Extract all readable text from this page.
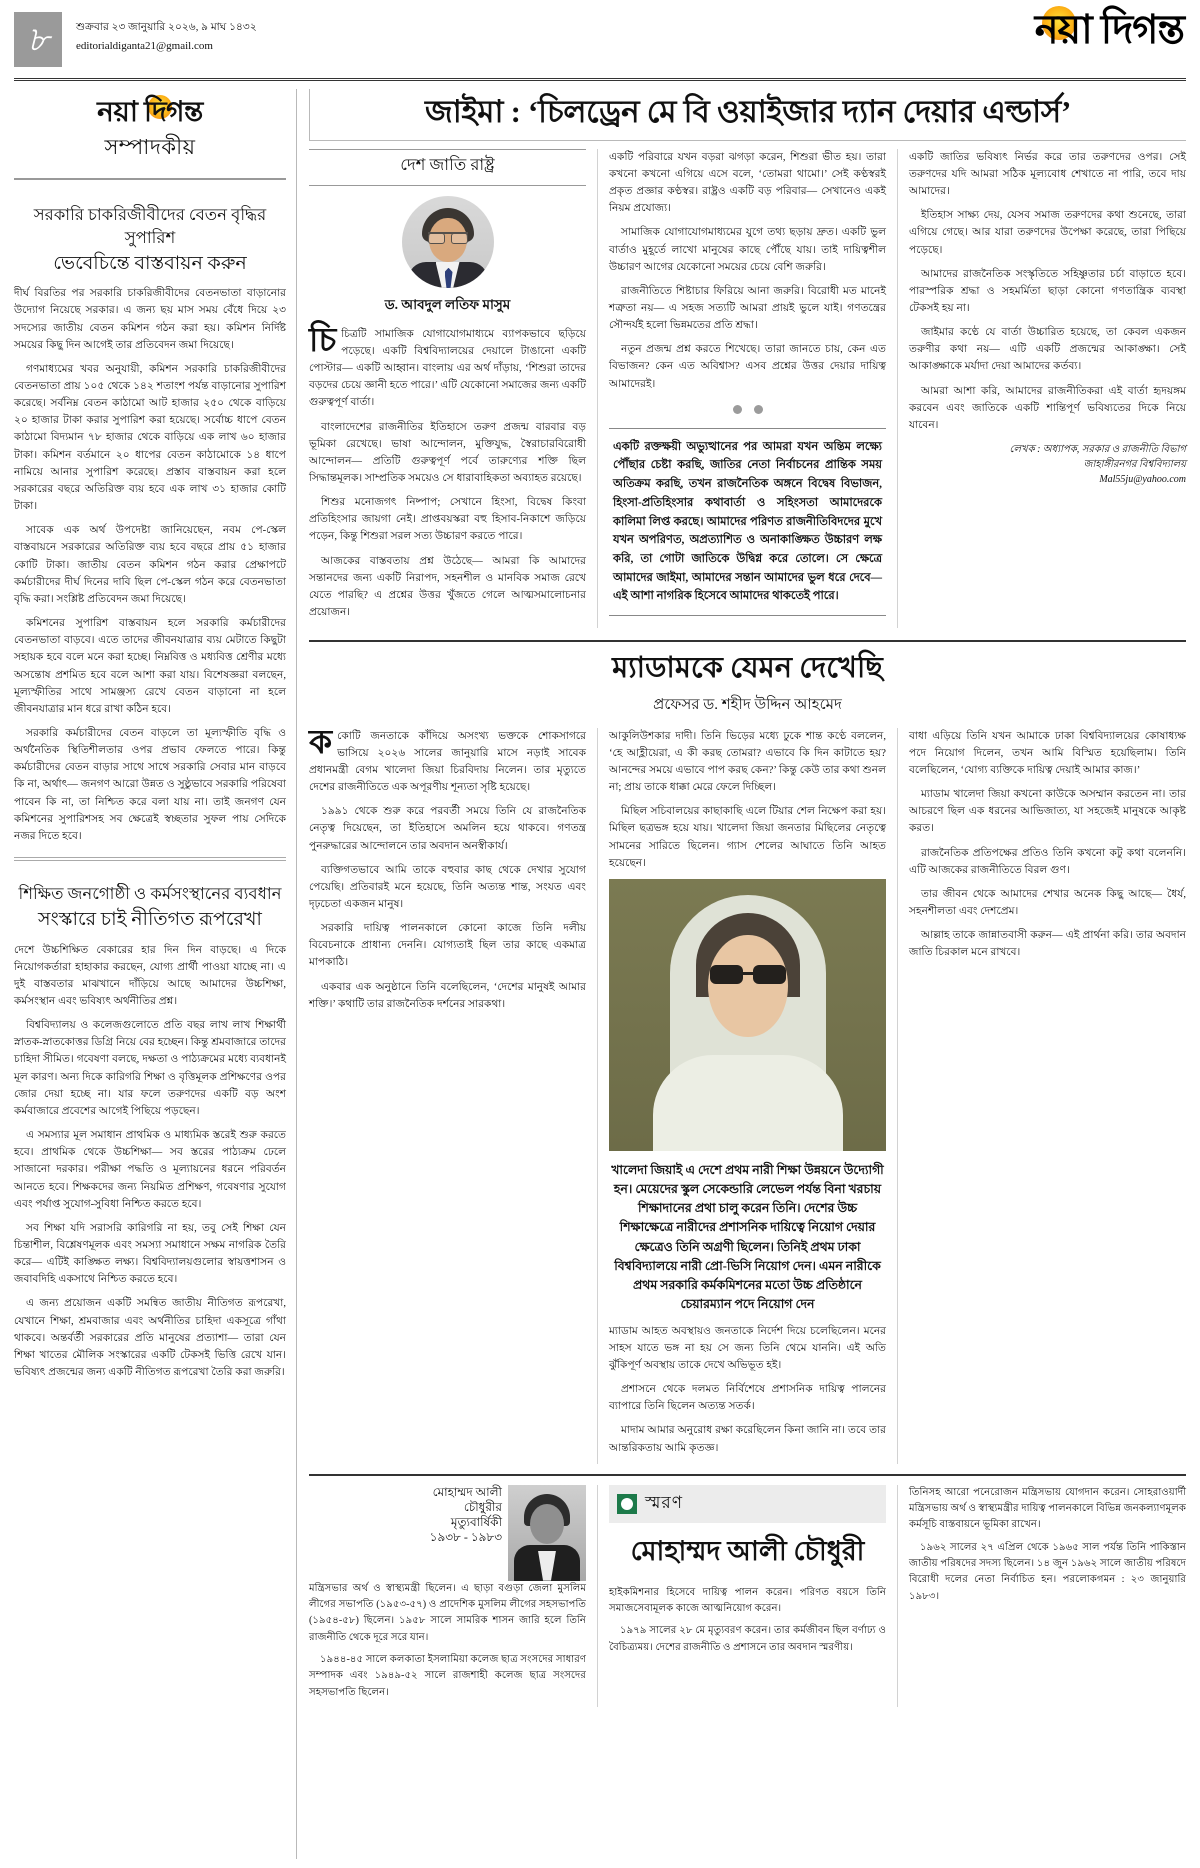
৮	শুক্রবার ২৩ জানুয়ারি ২০২৬, ৯ মাঘ ১৪৩২
editorialdiganta21@gmail.com	নয়া দিগন্ত
নয়া দিগন্ত
সম্পাদকীয়
সরকারি চাকরিজীবীদের বেতন বৃদ্ধির সুপারিশ
ভেবেচিন্তে বাস্তবায়ন করুন

দীর্ঘ বিরতির পর সরকারি চাকরিজীবীদের বেতনভাতা বাড়ানোর উদ্যোগ নিয়েছে সরকার। এ জন্য ছয় মাস সময় বেঁধে দিয়ে ২৩ সদস্যের জাতীয় বেতন কমিশন গঠন করা হয়। কমিশন নির্দিষ্ট সময়ের কিছু দিন আগেই তার প্রতিবেদন জমা দিয়েছে।

গণমাধ্যমের খবর অনুযায়ী, কমিশন সরকারি চাকরিজীবীদের বেতনভাতা প্রায় ১০৫ থেকে ১৪২ শতাংশ পর্যন্ত বাড়ানোর সুপারিশ করেছে। সর্বনিম্ন বেতন কাঠামো আট হাজার ২৫০ থেকে বাড়িয়ে ২০ হাজার টাকা করার সুপারিশ করা হয়েছে। সর্বোচ্চ ধাপে বেতন কাঠামো বিদ্যমান ৭৮ হাজার থেকে বাড়িয়ে এক লাখ ৬০ হাজার টাকা। কমিশন বর্তমানে ২০ ধাপের বেতন কাঠামোকে ১৪ ধাপে নামিয়ে আনার সুপারিশ করেছে। প্রস্তাব বাস্তবায়ন করা হলে সরকারের বছরে অতিরিক্ত ব্যয় হবে এক লাখ ৩১ হাজার কোটি টাকা।

সাবেক এক অর্থ উপদেষ্টা জানিয়েছেন, নবম পে-স্কেল বাস্তবায়নে সরকারের অতিরিক্ত ব্যয় হবে বছরে প্রায় ৫১ হাজার কোটি টাকা। জাতীয় বেতন কমিশন গঠন করার প্রেক্ষাপটে কর্মচারীদের দীর্ঘ দিনের দাবি ছিল পে-স্কেল গঠন করে বেতনভাতা বৃদ্ধি করা। সংশ্লিষ্ট প্রতিবেদন জমা দিয়েছে।

কমিশনের সুপারিশ বাস্তবায়ন হলে সরকারি কর্মচারীদের বেতনভাতা বাড়বে। এতে তাদের জীবনযাত্রার ব্যয় মেটাতে কিছুটা সহায়ক হবে বলে মনে করা হচ্ছে। নিম্নবিত্ত ও মধ্যবিত্ত শ্রেণীর মধ্যে অসন্তোষ প্রশমিত হবে বলে আশা করা যায়। বিশেষজ্ঞরা বলছেন, মূল্যস্ফীতির সাথে সামঞ্জস্য রেখে বেতন বাড়ানো না হলে জীবনযাত্রার মান ধরে রাখা কঠিন হবে।

সরকারি কর্মচারীদের বেতন বাড়লে তা মূল্যস্ফীতি বৃদ্ধি ও অর্থনৈতিক স্থিতিশীলতার ওপর প্রভাব ফেলতে পারে। কিন্তু কর্মচারীদের বেতন বাড়ার সাথে সাথে সরকারি সেবার মান বাড়বে কি না, অর্থাৎ— জনগণ আরো উন্নত ও সুষ্ঠুভাবে সরকারি পরিষেবা পাবেন কি না, তা নিশ্চিত করে বলা যায় না। তাই জনগণ যেন কমিশনের সুপারিশসহ সব ক্ষেত্রেই স্বচ্ছতার সুফল পায় সেদিকে নজর দিতে হবে।

শিক্ষিত জনগোষ্ঠী ও কর্মসংস্থানের ব্যবধান
সংস্কারে চাই নীতিগত রূপরেখা

দেশে উচ্চশিক্ষিত বেকারের হার দিন দিন বাড়ছে। এ দিকে নিয়োগকর্তারা হাহাকার করছেন, যোগ্য প্রার্থী পাওয়া যাচ্ছে না। এ দুই বাস্তবতার মাঝখানে দাঁড়িয়ে আছে আমাদের উচ্চশিক্ষা, কর্মসংস্থান এবং ভবিষ্যৎ অর্থনীতির প্রশ্ন।

বিশ্ববিদ্যালয় ও কলেজগুলোতে প্রতি বছর লাখ লাখ শিক্ষার্থী স্নাতক-স্নাতকোত্তর ডিগ্রি নিয়ে বের হচ্ছেন। কিন্তু শ্রমবাজারে তাদের চাহিদা সীমিত। গবেষণা বলছে, দক্ষতা ও পাঠ্যক্রমের মধ্যে ব্যবধানই মূল কারণ। অন্য দিকে কারিগরি শিক্ষা ও বৃত্তিমূলক প্রশিক্ষণের ওপর জোর দেয়া হচ্ছে না। যার ফলে তরুণদের একটি বড় অংশ কর্মবাজারে প্রবেশের আগেই পিছিয়ে পড়ছেন।

এ সমস্যার মূল সমাধান প্রাথমিক ও মাধ্যমিক স্তরেই শুরু করতে হবে। প্রাথমিক থেকে উচ্চশিক্ষা— সব স্তরের পাঠ্যক্রম ঢেলে সাজানো দরকার। পরীক্ষা পদ্ধতি ও মূল্যায়নের ধরনে পরিবর্তন আনতে হবে। শিক্ষকদের জন্য নিয়মিত প্রশিক্ষণ, গবেষণার সুযোগ এবং পর্যাপ্ত সুযোগ-সুবিধা নিশ্চিত করতে হবে।

সব শিক্ষা যদি সরাসরি কারিগরি না হয়, তবু সেই শিক্ষা যেন চিন্তাশীল, বিশ্লেষণমূলক এবং সমস্যা সমাধানে সক্ষম নাগরিক তৈরি করে— এটিই কাঙ্ক্ষিত লক্ষ্য। বিশ্ববিদ্যালয়গুলোর স্বায়ত্তশাসন ও জবাবদিহি একসাথে নিশ্চিত করতে হবে।

এ জন্য প্রয়োজন একটি সমন্বিত জাতীয় নীতিগত রূপরেখা, যেখানে শিক্ষা, শ্রমবাজার এবং অর্থনীতির চাহিদা একসূত্রে গাঁথা থাকবে। অন্তর্বর্তী সরকারের প্রতি মানুষের প্রত্যাশা— তারা যেন শিক্ষা খাতের মৌলিক সংস্কারের একটি টেকসই ভিত্তি রেখে যান। ভবিষ্যৎ প্রজন্মের জন্য একটি নীতিগত রূপরেখা তৈরি করা জরুরি।

জাইমা : ‘চিলড্রেন মে বি ওয়াইজার দ্যান দেয়ার এল্ডার্স’
দেশ জাতি রাষ্ট্র
ড. আবদুল লতিফ মাসুম

চিচিত্রটি সামাজিক যোগাযোগমাধ্যমে ব্যাপকভাবে ছড়িয়ে পড়েছে। একটি বিশ্ববিদ্যালয়ের দেয়ালে টাঙানো একটি পোস্টার— একটি আহ্বান। বাংলায় এর অর্থ দাঁড়ায়, ‘শিশুরা তাদের বড়দের চেয়ে জ্ঞানী হতে পারে।’ এটি যেকোনো সমাজের জন্য একটি গুরুত্বপূর্ণ বার্তা।

বাংলাদেশের রাজনীতির ইতিহাসে তরুণ প্রজন্ম বারবার বড় ভূমিকা রেখেছে। ভাষা আন্দোলন, মুক্তিযুদ্ধ, স্বৈরাচারবিরোধী আন্দোলন— প্রতিটি গুরুত্বপূর্ণ পর্বে তারুণ্যের শক্তি ছিল সিদ্ধান্তমূলক। সাম্প্রতিক সময়েও সে ধারাবাহিকতা অব্যাহত রয়েছে।

শিশুর মনোজগৎ নিষ্পাপ; সেখানে হিংসা, বিদ্বেষ কিংবা প্রতিহিংসার জায়গা নেই। প্রাপ্তবয়স্করা বহু হিসাব-নিকাশে জড়িয়ে পড়েন, কিন্তু শিশুরা সরল সত্য উচ্চারণ করতে পারে।

আজকের বাস্তবতায় প্রশ্ন উঠেছে— আমরা কি আমাদের সন্তানদের জন্য একটি নিরাপদ, সহনশীল ও মানবিক সমাজ রেখে যেতে পারছি? এ প্রশ্নের উত্তর খুঁজতে গেলে আত্মসমালোচনার প্রয়োজন।

একটি পরিবারে যখন বড়রা ঝগড়া করেন, শিশুরা ভীত হয়। তারা কখনো কখনো এগিয়ে এসে বলে, ‘তোমরা থামো।’ সেই কণ্ঠস্বরই প্রকৃত প্রজ্ঞার কণ্ঠস্বর। রাষ্ট্রও একটি বড় পরিবার— সেখানেও একই নিয়ম প্রযোজ্য।

সামাজিক যোগাযোগমাধ্যমের যুগে তথ্য ছড়ায় দ্রুত। একটি ভুল বার্তাও মুহূর্তে লাখো মানুষের কাছে পৌঁছে যায়। তাই দায়িত্বশীল উচ্চারণ আগের যেকোনো সময়ের চেয়ে বেশি জরুরি।

রাজনীতিতে শিষ্টাচার ফিরিয়ে আনা জরুরি। বিরোধী মত মানেই শত্রুতা নয়— এ সহজ সত্যটি আমরা প্রায়ই ভুলে যাই। গণতন্ত্রের সৌন্দর্যই হলো ভিন্নমতের প্রতি শ্রদ্ধা।

নতুন প্রজন্ম প্রশ্ন করতে শিখেছে। তারা জানতে চায়, কেন এত বিভাজন? কেন এত অবিশ্বাস? এসব প্রশ্নের উত্তর দেয়ার দায়িত্ব আমাদেরই।

একটি রক্তক্ষয়ী অভ্যুত্থানের পর আমরা যখন অন্তিম লক্ষ্যে পৌঁছার চেষ্টা করছি, জাতির নেতা নির্বাচনের প্রান্তিক সময় অতিক্রম করছি, তখন রাজনৈতিক অঙ্গনে বিদ্বেষ বিভাজন, হিংসা-প্রতিহিংসার কথাবার্তা ও সহিংসতা আমাদেরকে কালিমা লিপ্ত করছে। আমাদের পরিণত রাজনীতিবিদদের মুখে যখন অপরিণত, অপ্রত্যাশিত ও অনাকাঙ্ক্ষিত উচ্চারণ লক্ষ করি, তা গোটা জাতিকে উদ্বিগ্ন করে তোলে। সে ক্ষেত্রে আমাদের জাইমা, আমাদের সন্তান আমাদের ভুল ধরে দেবে— এই আশা নাগরিক হিসেবে আমাদের থাকতেই পারে।

একটি জাতির ভবিষ্যৎ নির্ভর করে তার তরুণদের ওপর। সেই তরুণদের যদি আমরা সঠিক মূল্যবোধ শেখাতে না পারি, তবে দায় আমাদের।

ইতিহাস সাক্ষ্য দেয়, যেসব সমাজ তরুণদের কথা শুনেছে, তারা এগিয়ে গেছে। আর যারা তরুণদের উপেক্ষা করেছে, তারা পিছিয়ে পড়েছে।

আমাদের রাজনৈতিক সংস্কৃতিতে সহিষ্ণুতার চর্চা বাড়াতে হবে। পারস্পরিক শ্রদ্ধা ও সহমর্মিতা ছাড়া কোনো গণতান্ত্রিক ব্যবস্থা টেকসই হয় না।

জাইমার কণ্ঠে যে বার্তা উচ্চারিত হয়েছে, তা কেবল একজন তরুণীর কথা নয়— এটি একটি প্রজন্মের আকাঙ্ক্ষা। সেই আকাঙ্ক্ষাকে মর্যাদা দেয়া আমাদের কর্তব্য।

আমরা আশা করি, আমাদের রাজনীতিকরা এই বার্তা হৃদয়ঙ্গম করবেন এবং জাতিকে একটি শান্তিপূর্ণ ভবিষ্যতের দিকে নিয়ে যাবেন।

লেখক : অধ্যাপক, সরকার ও রাজনীতি বিভাগ
জাহাঙ্গীরনগর বিশ্ববিদ্যালয়
Mal55ju@yahoo.com
ম্যাডামকে যেমন দেখেছি
প্রফেসর ড. শহীদ উদ্দিন আহমেদ

ককোটি জনতাকে কাঁদিয়ে অসংখ্য ভক্তকে শোকসাগরে ভাসিয়ে ২০২৬ সালের জানুয়ারি মাসে নড়াই সাবেক প্রধানমন্ত্রী বেগম খালেদা জিয়া চিরবিদায় নিলেন। তার মৃত্যুতে দেশের রাজনীতিতে এক অপূরণীয় শূন্যতা সৃষ্টি হয়েছে।

১৯৯১ থেকে শুরু করে পরবর্তী সময়ে তিনি যে রাজনৈতিক নেতৃত্ব দিয়েছেন, তা ইতিহাসে অমলিন হয়ে থাকবে। গণতন্ত্র পুনরুদ্ধারের আন্দোলনে তার অবদান অনস্বীকার্য।

ব্যক্তিগতভাবে আমি তাকে বহুবার কাছ থেকে দেখার সুযোগ পেয়েছি। প্রতিবারই মনে হয়েছে, তিনি অত্যন্ত শান্ত, সংযত এবং দৃঢ়চেতা একজন মানুষ।

সরকারি দায়িত্ব পালনকালে কোনো কাজে তিনি দলীয় বিবেচনাকে প্রাধান্য দেননি। যোগ্যতাই ছিল তার কাছে একমাত্র মাপকাঠি।

একবার এক অনুষ্ঠানে তিনি বলেছিলেন, ‘দেশের মানুষই আমার শক্তি।’ কথাটি তার রাজনৈতিক দর্শনের সারকথা।

আকুলিউশকার দাদী। তিনি ভিড়ের মধ্যে ঢুকে শান্ত কণ্ঠে বললেন, ‘হে আহ্লীয়েরা, এ কী করছ তোমরা? এভাবে কি দিন কাটাতে হয়? আনন্দের সময়ে এভাবে পাপ করছ কেন?’ কিন্তু কেউ তার কথা শুনল না; প্রায় তাকে ধাক্কা মেরে ফেলে দিচ্ছিল।

মিছিল সচিবালয়ের কাছাকাছি এলে টিয়ার শেল নিক্ষেপ করা হয়। মিছিল ছত্রভঙ্গ হয়ে যায়। খালেদা জিয়া জনতার মিছিলের নেতৃত্বে সামনের সারিতে ছিলেন। গ্যাস শেলের আঘাতে তিনি আহত হয়েছেন।

খালেদা জিয়াই এ দেশে প্রথম নারী শিক্ষা উন্নয়নে উদ্যোগী হন। মেয়েদের স্কুল সেকেন্ডারি লেভেল পর্যন্ত বিনা খরচায় শিক্ষাদানের প্রথা চালু করেন তিনি। দেশের উচ্চ শিক্ষাক্ষেত্রে নারীদের প্রশাসনিক দায়িত্বে নিয়োগ দেয়ার ক্ষেত্রেও তিনি অগ্রণী ছিলেন। তিনিই প্রথম ঢাকা বিশ্ববিদ্যালয়ে নারী প্রো-ভিসি নিয়োগ দেন। এমন নারীকে প্রথম সরকারি কর্মকমিশনের মতো উচ্চ প্রতিষ্ঠানে চেয়ারম্যান পদে নিয়োগ দেন

ম্যাডাম আহত অবস্থায়ও জনতাকে নির্দেশ দিয়ে চলেছিলেন। মনের সাহস যাতে ভঙ্গ না হয় সে জন্য তিনি থেমে যাননি। এই অতি ঝুঁকিপূর্ণ অবস্থায় তাকে দেখে অভিভূত হই।

প্রশাসনে থেকে দলমত নির্বিশেষে প্রশাসনিক দায়িত্ব পালনের ব্যাপারে তিনি ছিলেন অত্যন্ত সতর্ক।

মাদাম আমার অনুরোধ রক্ষা করেছিলেন কিনা জানি না। তবে তার আন্তরিকতায় আমি কৃতজ্ঞ।

বাধা এড়িয়ে তিনি যখন আমাকে ঢাকা বিশ্ববিদ্যালয়ের কোষাধ্যক্ষ পদে নিয়োগ দিলেন, তখন আমি বিস্মিত হয়েছিলাম। তিনি বলেছিলেন, ‘যোগ্য ব্যক্তিকে দায়িত্ব দেয়াই আমার কাজ।’

ম্যাডাম খালেদা জিয়া কখনো কাউকে অসম্মান করতেন না। তার আচরণে ছিল এক ধরনের আভিজাত্য, যা সহজেই মানুষকে আকৃষ্ট করত।

রাজনৈতিক প্রতিপক্ষের প্রতিও তিনি কখনো কটু কথা বলেননি। এটি আজকের রাজনীতিতে বিরল গুণ।

তার জীবন থেকে আমাদের শেখার অনেক কিছু আছে— ধৈর্য, সহনশীলতা এবং দেশপ্রেম।

আল্লাহ তাকে জান্নাতবাসী করুন— এই প্রার্থনা করি। তার অবদান জাতি চিরকাল মনে রাখবে।

মোহাম্মদ আলী
চৌধুরীর
মৃত্যুবার্ষিকী
১৯৩৮ - ১৯৮৩

মন্ত্রিসভার অর্থ ও স্বাস্থ্যমন্ত্রী ছিলেন। এ ছাড়া বগুড়া জেলা মুসলিম লীগের সভাপতি (১৯৫৩-৫৭) ও প্রাদেশিক মুসলিম লীগের সহসভাপতি (১৯৫৪-৫৮) ছিলেন। ১৯৫৮ সালে সামরিক শাসন জারি হলে তিনি রাজনীতি থেকে দূরে সরে যান।

১৯৪৪-৪৫ সালে কলকাতা ইসলামিয়া কলেজ ছাত্র সংসদের সাধারণ সম্পাদক এবং ১৯৪৯-৫২ সালে রাজশাহী কলেজ ছাত্র সংসদের সহসভাপতি ছিলেন।

স্মরণ
মোহাম্মদ আলী চৌধুরী

হাইকমিশনার হিসেবে দায়িত্ব পালন করেন। পরিণত বয়সে তিনি সমাজসেবামূলক কাজে আত্মনিয়োগ করেন।

১৯৭৯ সালের ২৮ মে মৃত্যুবরণ করেন। তার কর্মজীবন ছিল বর্ণাঢ্য ও বৈচিত্র্যময়। দেশের রাজনীতি ও প্রশাসনে তার অবদান স্মরণীয়।

তিনিসহ আরো পনেরোজন মন্ত্রিসভায় যোগদান করেন। সোহরাওয়ার্দী মন্ত্রিসভায় অর্থ ও স্বাস্থ্যমন্ত্রীর দায়িত্ব পালনকালে বিভিন্ন জনকল্যাণমূলক কর্মসূচি বাস্তবায়নে ভূমিকা রাখেন।

১৯৬২ সালের ২৭ এপ্রিল থেকে ১৯৬৫ সাল পর্যন্ত তিনি পাকিস্তান জাতীয় পরিষদের সদস্য ছিলেন। ১৪ জুন ১৯৬২ সালে জাতীয় পরিষদে বিরোধী দলের নেতা নির্বাচিত হন। পরলোকগমন : ২৩ জানুয়ারি ১৯৮৩।
